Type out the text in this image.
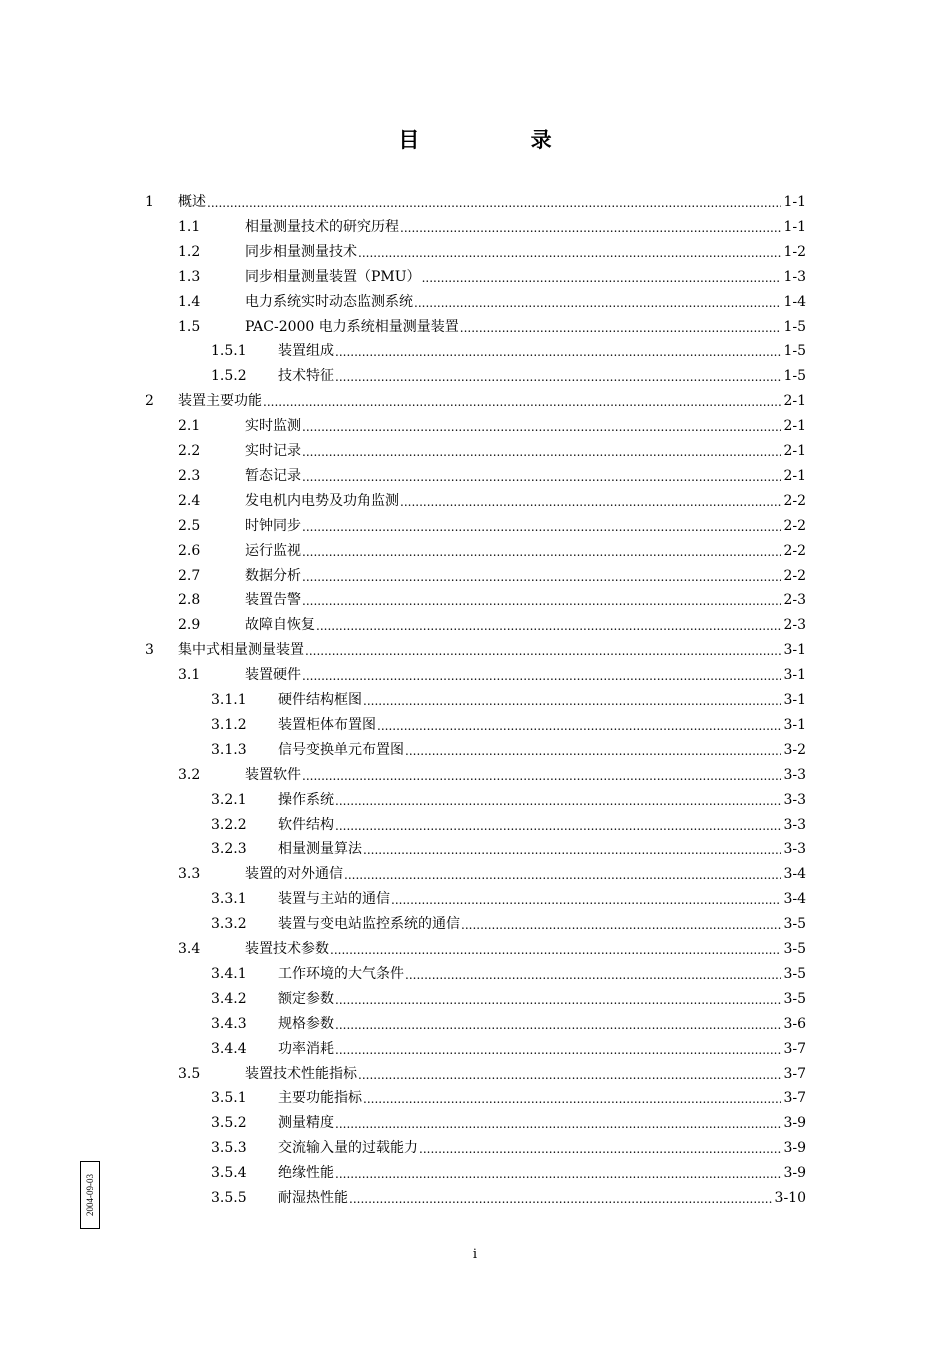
目 录
1 概述 .....	1-1
1.1	相量测量技术的研究历程 .....	1-1
1.2	同步相量测量技术 .....	1-2
1.3	同步相量测量装置（PMU） .....	1-3
1.4	电力系统实时动态监测系统 .....	1-4
1.5	PAC-2000 电力系统相量测量装置 .....	1-5
1.5.1 装置组成 .....	1-5
1.5.2 技术特征 .....	1-5
2 装置主要功能 .....	2-1
2.1	实时监测 .....	2-1
2.2	实时记录 .....	2-1
2.3	暂态记录 .....	2-1
2.4	发电机内电势及功角监测 .....	2-2
2.5	时钟同步 .....	2-2
2.6	运行监视 .....	2-2
2.7	数据分析 .....	2-2
2.8	装置告警 .....	2-3
2.9	故障自恢复 .....	2-3
3 集中式相量测量装置 .....	3-1
3.1	装置硬件 .....	3-1
3.1.1 硬件结构框图 .....	3-1
3.1.2 装置柜体布置图 .....	3-1
3.1.3 信号变换单元布置图 .....	3-2
3.2	装置软件 .....	3-3
3.2.1 操作系统 .....	3-3
3.2.2 软件结构 .....	3-3
3.2.3 相量测量算法 .....	3-3
3.3	装置的对外通信 .....	3-4
3.3.1 装置与主站的通信 .....	3-4
3.3.2 装置与变电站监控系统的通信 .....	3-5
3.4	装置技术参数 .....	3-5
3.4.1 工作环境的大气条件 .....	3-5
3.4.2 额定参数 .....	3-5
3.4.3 规格参数 .....	3-6
3.4.4 功率消耗 .....	3-7
3.5	装置技术性能指标 .....	3-7
3.5.1 主要功能指标 .....	3-7
3.5.2 测量精度 .....	3-9
3.5.3 交流输入量的过载能力 .....	3-9
3.5.4 绝缘性能 .....	3-9
3.5.5 耐湿热性能 .....	3-10
2004-09-03
i
